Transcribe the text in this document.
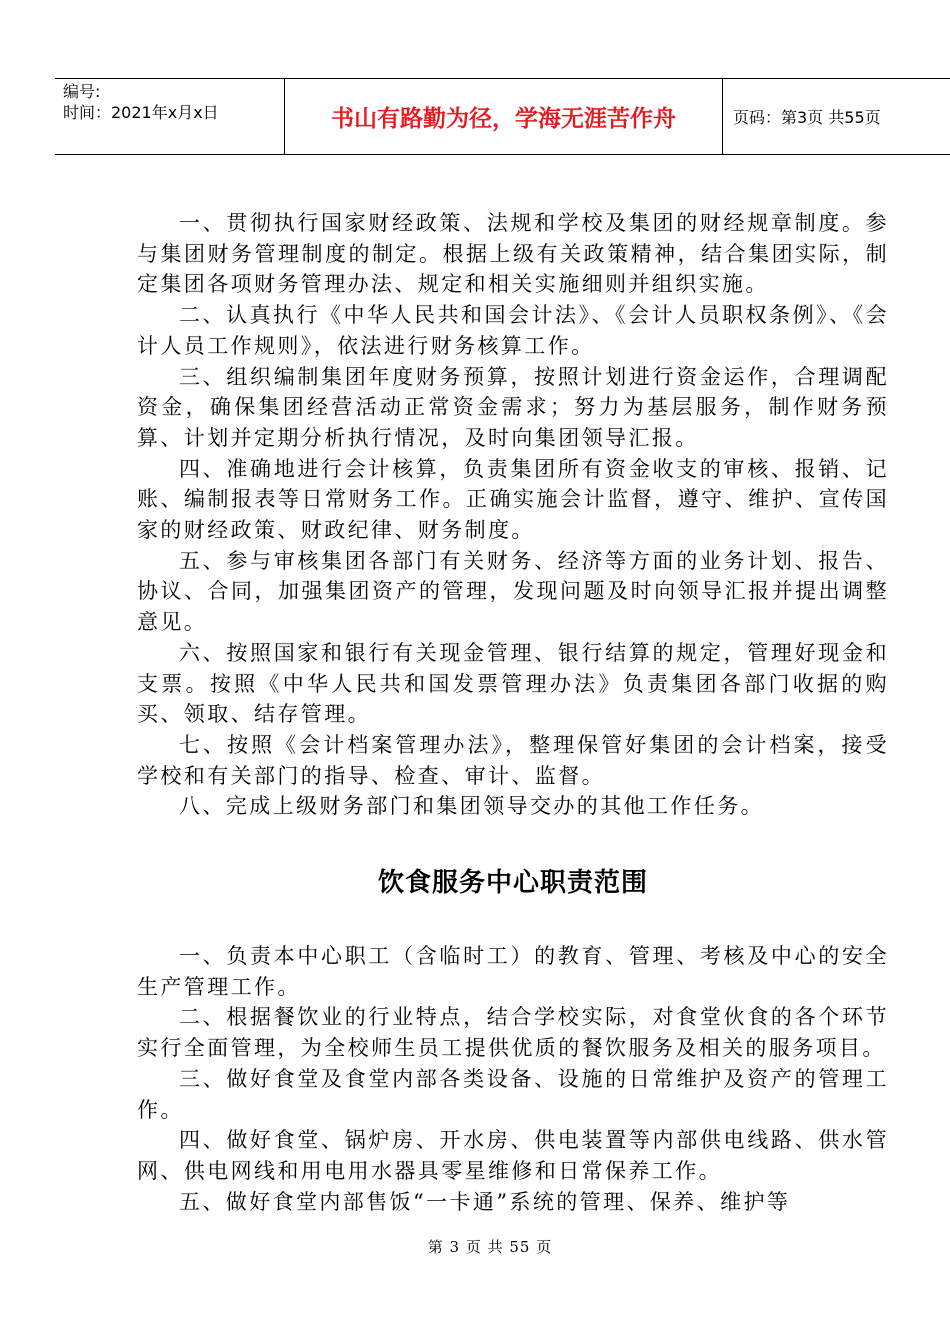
编号:
时间：2021年x月x日	书山有路勤为径，学海无涯苦作舟	页码：第3页 共55页

一、贯彻执行国家财经政策、法规和学校及集团的财经规章制度。参与集团财务管理制度的制定。根据上级有关政策精神，结合集团实际，制定集团各项财务管理办法、规定和相关实施细则并组织实施。

二、认真执行《中华人民共和国会计法》、《会计人员职权条例》、《会计人员工作规则》，依法进行财务核算工作。

三、组织编制集团年度财务预算，按照计划进行资金运作，合理调配资金，确保集团经营活动正常资金需求；努力为基层服务，制作财务预算、计划并定期分析执行情况，及时向集团领导汇报。

四、准确地进行会计核算，负责集团所有资金收支的审核、报销、记账、编制报表等日常财务工作。正确实施会计监督，遵守、维护、宣传国家的财经政策、财政纪律、财务制度。

五、参与审核集团各部门有关财务、经济等方面的业务计划、报告、协议、合同，加强集团资产的管理，发现问题及时向领导汇报并提出调整意见。

六、按照国家和银行有关现金管理、银行结算的规定，管理好现金和支票。按照《中华人民共和国发票管理办法》负责集团各部门收据的购买、领取、结存管理。

七、按照《会计档案管理办法》，整理保管好集团的会计档案，接受学校和有关部门的指导、检查、审计、监督。

八、完成上级财务部门和集团领导交办的其他工作任务。

饮食服务中心职责范围

一、负责本中心职工（含临时工）的教育、管理、考核及中心的安全生产管理工作。

二、根据餐饮业的行业特点，结合学校实际，对食堂伙食的各个环节实行全面管理，为全校师生员工提供优质的餐饮服务及相关的服务项目。

三、做好食堂及食堂内部各类设备、设施的日常维护及资产的管理工作。

四、做好食堂、锅炉房、开水房、供电装置等内部供电线路、供水管网、供电网线和用电用水器具零星维修和日常保养工作。

五、做好食堂内部售饭“一卡通”系统的管理、保养、维护等

第 3 页 共 55 页
